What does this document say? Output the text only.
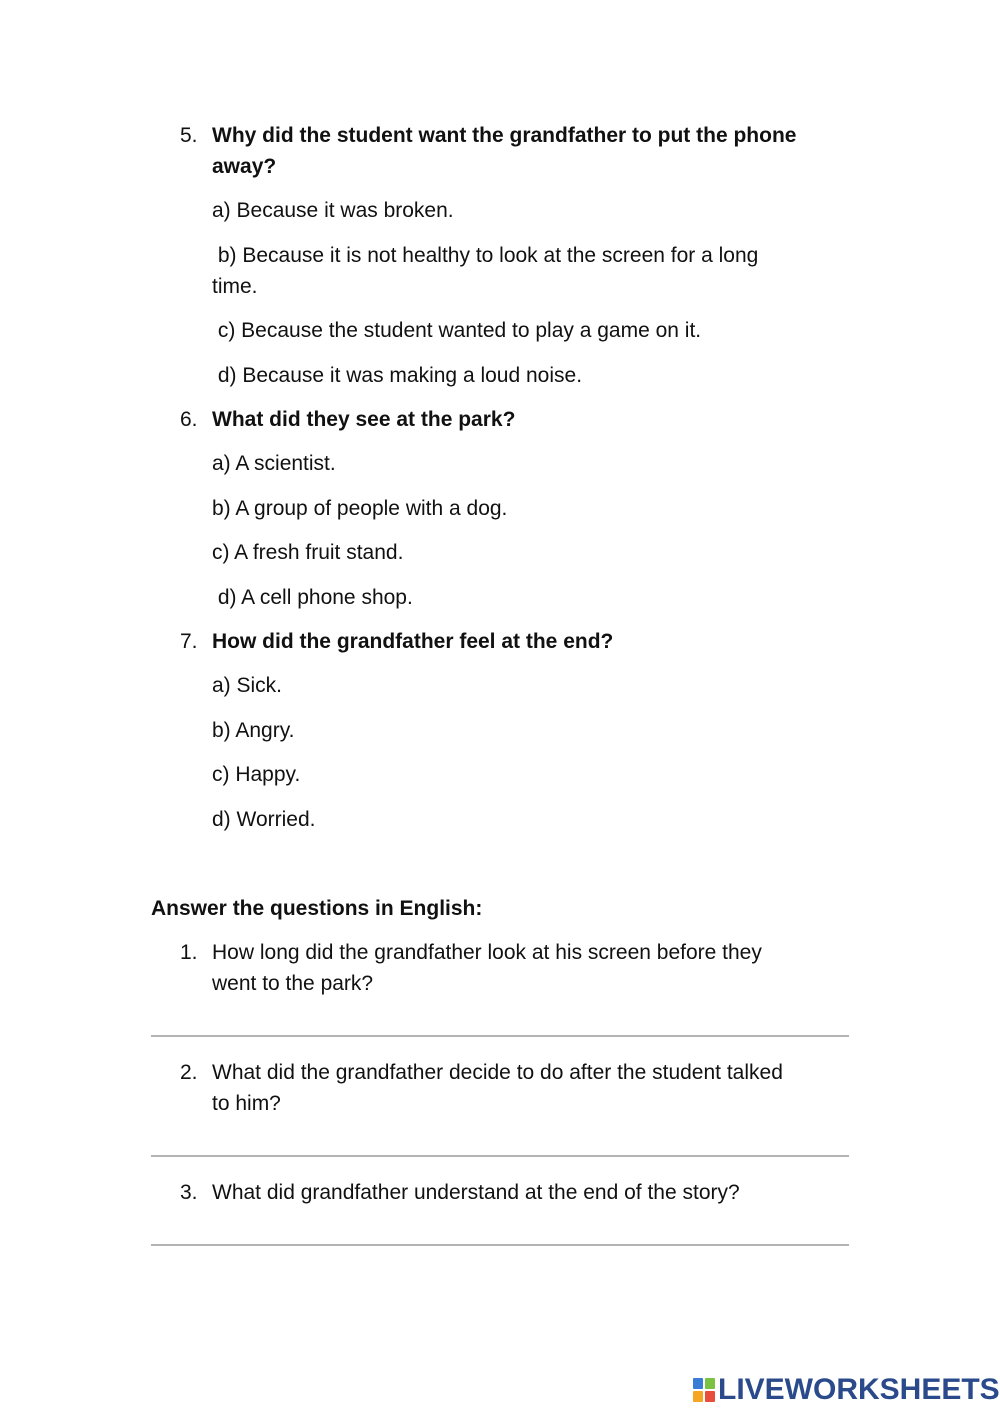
5. Why did the student want the grandfather to put the phone
away?
a) Because it was broken.
b) Because it is not healthy to look at the screen for a long
time.
c) Because the student wanted to play a game on it.
d) Because it was making a loud noise.
6. What did they see at the park?
a) A scientist.
b) A group of people with a dog.
c) A fresh fruit stand.
d) A cell phone shop.
7. How did the grandfather feel at the end?
a) Sick.
b) Angry.
c) Happy.
d) Worried.
Answer the questions in English:
1. How long did the grandfather look at his screen before they
went to the park?
2. What did the grandfather decide to do after the student talked
to him?
3. What did grandfather understand at the end of the story?
LIVEWORKSHEETS
